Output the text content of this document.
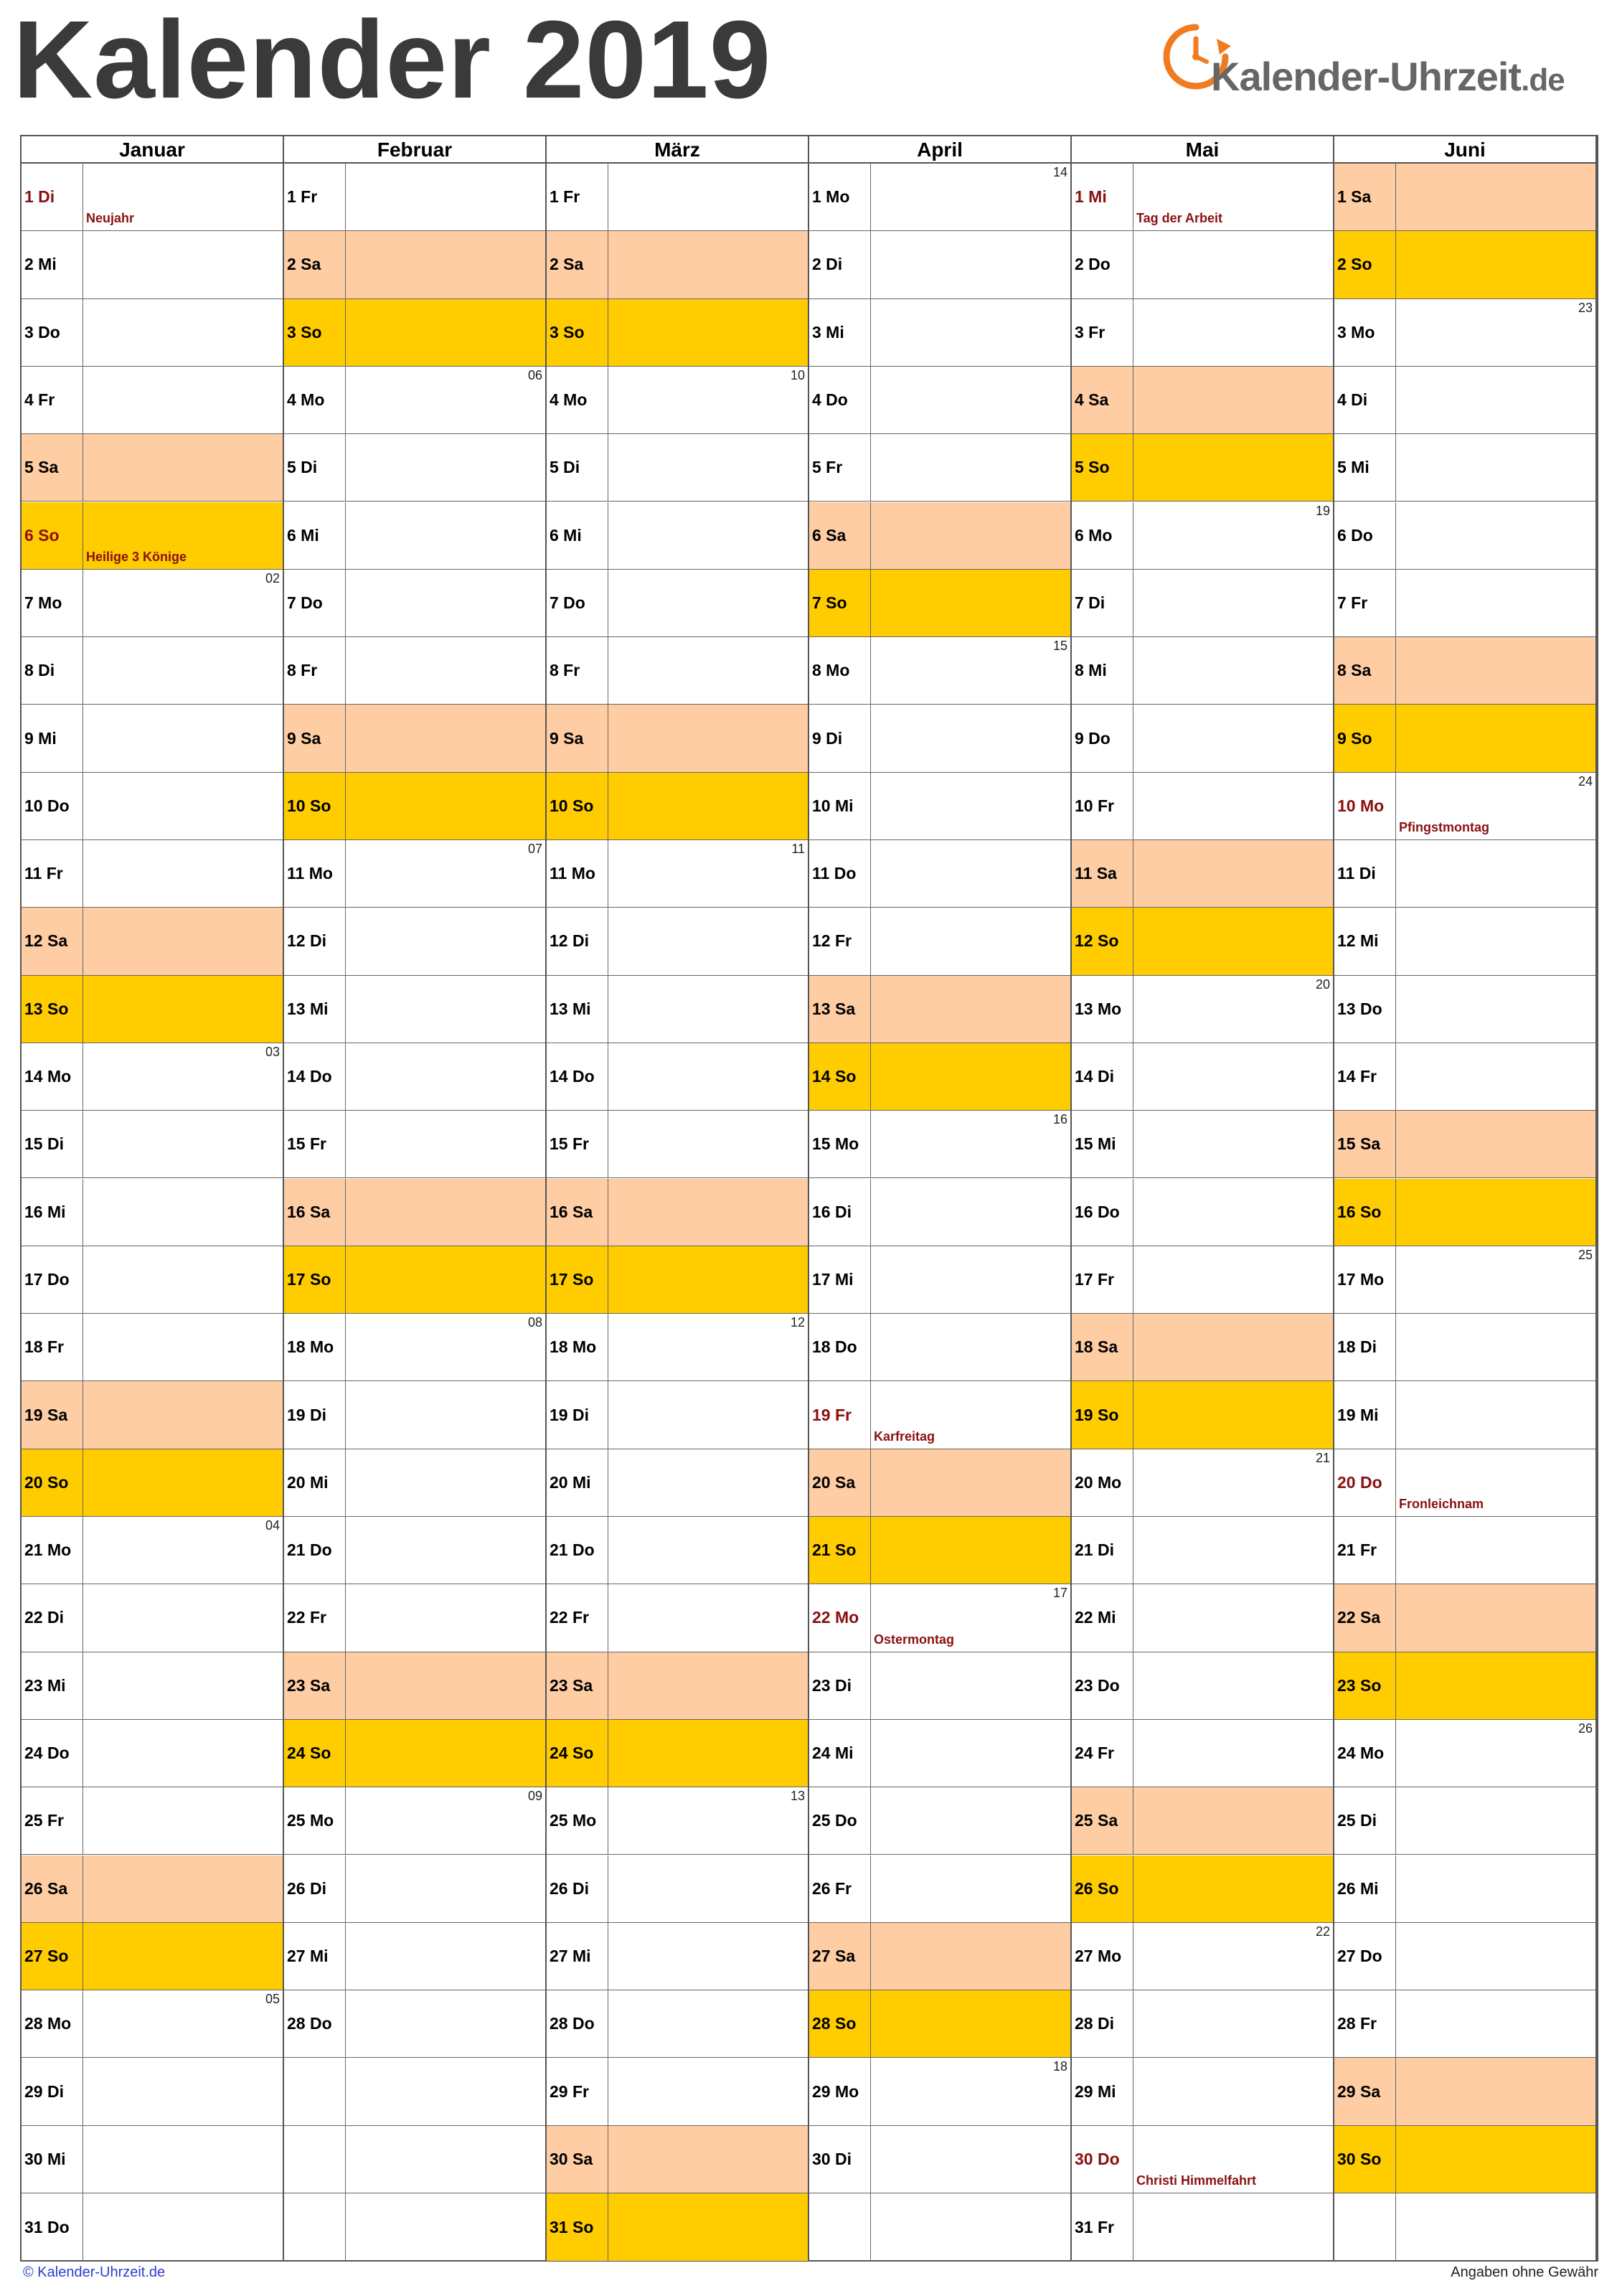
Kalender 2019	Kalender-Uhrzeit.de
Januar
1 Di
Neujahr
2 Mi
3 Do
4 Fr
5 Sa
6 So
Heilige 3 Könige
7 Mo
02
8 Di
9 Mi
10 Do
11 Fr
12 Sa
13 So
14 Mo
03
15 Di
16 Mi
17 Do
18 Fr
19 Sa
20 So
21 Mo
04
22 Di
23 Mi
24 Do
25 Fr
26 Sa
27 So
28 Mo
05
29 Di
30 Mi
31 Do
Februar
1 Fr
2 Sa
3 So
4 Mo
06
5 Di
6 Mi
7 Do
8 Fr
9 Sa
10 So
11 Mo
07
12 Di
13 Mi
14 Do
15 Fr
16 Sa
17 So
18 Mo
08
19 Di
20 Mi
21 Do
22 Fr
23 Sa
24 So
25 Mo
09
26 Di
27 Mi
28 Do
März
1 Fr
2 Sa
3 So
4 Mo
10
5 Di
6 Mi
7 Do
8 Fr
9 Sa
10 So
11 Mo
11
12 Di
13 Mi
14 Do
15 Fr
16 Sa
17 So
18 Mo
12
19 Di
20 Mi
21 Do
22 Fr
23 Sa
24 So
25 Mo
13
26 Di
27 Mi
28 Do
29 Fr
30 Sa
31 So
April
1 Mo
14
2 Di
3 Mi
4 Do
5 Fr
6 Sa
7 So
8 Mo
15
9 Di
10 Mi
11 Do
12 Fr
13 Sa
14 So
15 Mo
16
16 Di
17 Mi
18 Do
19 Fr
Karfreitag
20 Sa
21 So
22 Mo
17
Ostermontag
23 Di
24 Mi
25 Do
26 Fr
27 Sa
28 So
29 Mo
18
30 Di
Mai
1 Mi
Tag der Arbeit
2 Do
3 Fr
4 Sa
5 So
6 Mo
19
7 Di
8 Mi
9 Do
10 Fr
11 Sa
12 So
13 Mo
20
14 Di
15 Mi
16 Do
17 Fr
18 Sa
19 So
20 Mo
21
21 Di
22 Mi
23 Do
24 Fr
25 Sa
26 So
27 Mo
22
28 Di
29 Mi
30 Do
Christi Himmelfahrt
31 Fr
Juni
1 Sa
2 So
3 Mo
23
4 Di
5 Mi
6 Do
7 Fr
8 Sa
9 So
10 Mo
24
Pfingstmontag
11 Di
12 Mi
13 Do
14 Fr
15 Sa
16 So
17 Mo
25
18 Di
19 Mi
20 Do
Fronleichnam
21 Fr
22 Sa
23 So
24 Mo
26
25 Di
26 Mi
27 Do
28 Fr
29 Sa
30 So
© Kalender-Uhrzeit.de	Angaben ohne Gewähr
